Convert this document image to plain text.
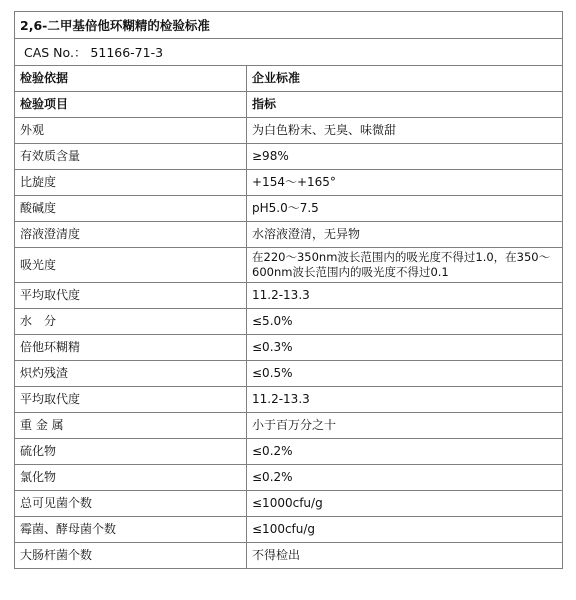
2,6-二甲基倍他环糊精的检验标准	
CAS No.： 51166-71-3	
检验依据	企业标准
检验项目	指标
外观	为白色粉末、无臭、味微甜
有效质含量	≥98%
比旋度	+154～+165°
酸碱度	pH5.0～7.5
溶液澄清度	水溶液澄清，无异物
吸光度	在220～350nm波长范围内的吸光度不得过1.0，在350～600nm波长范围内的吸光度不得过0.1
平均取代度	11.2-13.3
水　分	≤5.0%
倍他环糊精	≤0.3%
炽灼残渣	≤0.5%
平均取代度	11.2-13.3
重 金 属	小于百万分之十
硫化物	≤0.2%
氯化物	≤0.2%
总可见菌个数	≤1000cfu/g
霉菌、酵母菌个数	≤100cfu/g
大肠杆菌个数	不得检出
